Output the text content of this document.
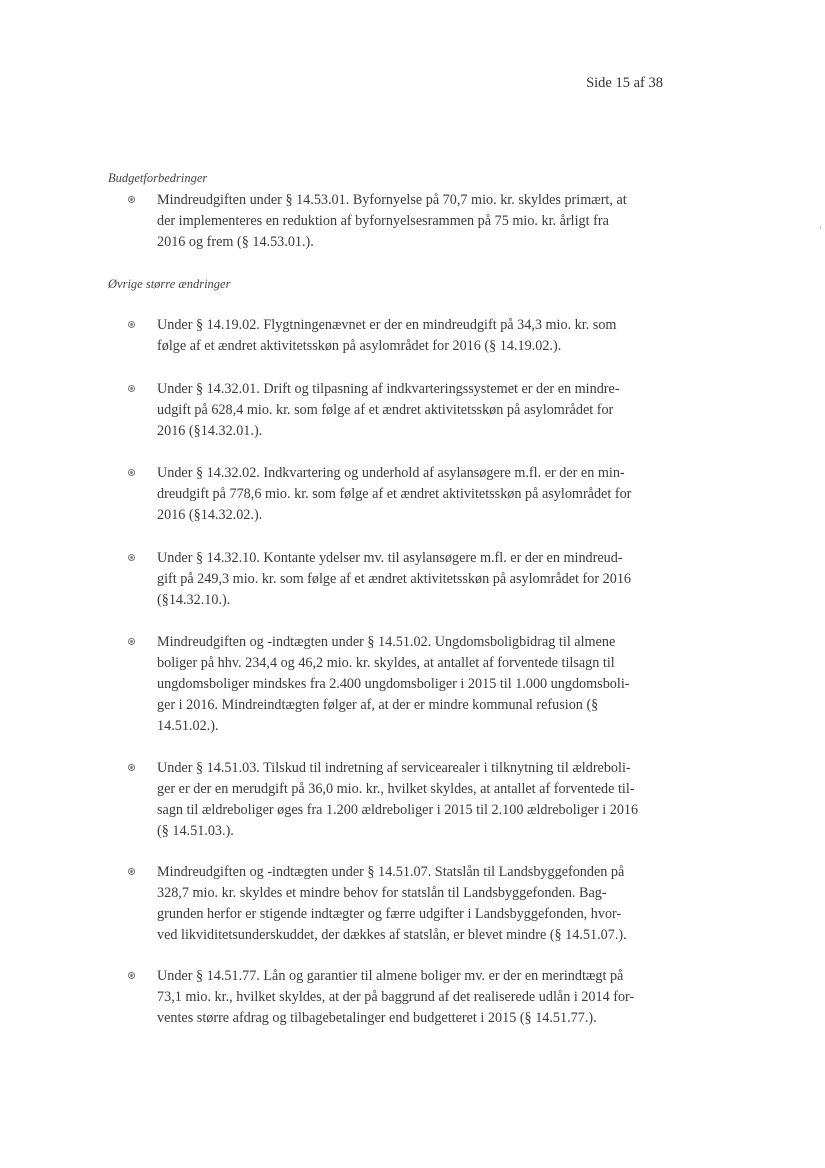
Side 15 af 38
Budgetforbedringer
Mindreudgiften under § 14.53.01. Byfornyelse på 70,7 mio. kr. skyldes primært, at
der implementeres en reduktion af byfornyelsesrammen på 75 mio. kr. årligt fra
2016 og frem (§ 14.53.01.).
Øvrige større ændringer
Under § 14.19.02. Flygtningenævnet er der en mindreudgift på 34,3 mio. kr. som
følge af et ændret aktivitetsskøn på asylområdet for 2016 (§ 14.19.02.).
Under § 14.32.01. Drift og tilpasning af indkvarteringssystemet er der en mindre-
udgift på 628,4 mio. kr. som følge af et ændret aktivitetsskøn på asylområdet for
2016 (§14.32.01.).
Under § 14.32.02. Indkvartering og underhold af asylansøgere m.fl. er der en min-
dreudgift på 778,6 mio. kr. som følge af et ændret aktivitetsskøn på asylområdet for
2016 (§14.32.02.).
Under § 14.32.10. Kontante ydelser mv. til asylansøgere m.fl. er der en mindreud-
gift på 249,3 mio. kr. som følge af et ændret aktivitetsskøn på asylområdet for 2016
(§14.32.10.).
Mindreudgiften og -indtægten under § 14.51.02. Ungdomsboligbidrag til almene
boliger på hhv. 234,4 og 46,2 mio. kr. skyldes, at antallet af forventede tilsagn til
ungdomsboliger mindskes fra 2.400 ungdomsboliger i 2015 til 1.000 ungdomsboli-
ger i 2016. Mindreindtægten følger af, at der er mindre kommunal refusion (§
14.51.02.).
Under § 14.51.03. Tilskud til indretning af servicearealer i tilknytning til ældreboli-
ger er der en merudgift på 36,0 mio. kr., hvilket skyldes, at antallet af forventede til-
sagn til ældreboliger øges fra 1.200 ældreboliger i 2015 til 2.100 ældreboliger i 2016
(§ 14.51.03.).
Mindreudgiften og -indtægten under § 14.51.07. Statslån til Landsbyggefonden på
328,7 mio. kr. skyldes et mindre behov for statslån til Landsbyggefonden. Bag-
grunden herfor er stigende indtægter og færre udgifter i Landsbyggefonden, hvor-
ved likviditetsunderskuddet, der dækkes af statslån, er blevet mindre (§ 14.51.07.).
Under § 14.51.77. Lån og garantier til almene boliger mv. er der en merindtægt på
73,1 mio. kr., hvilket skyldes, at der på baggrund af det realiserede udlån i 2014 for-
ventes større afdrag og tilbagebetalinger end budgetteret i 2015 (§ 14.51.77.).
